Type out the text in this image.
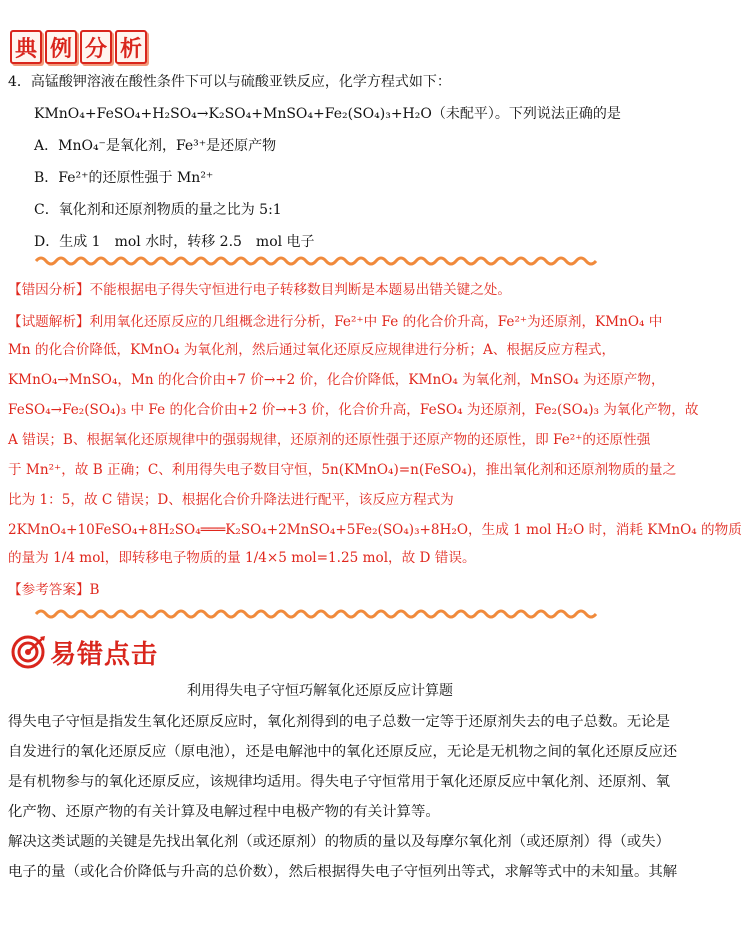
典 例 分 析
4．高锰酸钾溶液在酸性条件下可以与硫酸亚铁反应，化学方程式如下：
KMnO₄+FeSO₄+H₂SO₄→K₂SO₄+MnSO₄+Fe₂(SO₄)₃+H₂O（未配平）。下列说法正确的是
A．MnO₄⁻是氧化剂，Fe³⁺是还原产物
B．Fe²⁺的还原性强于 Mn²⁺
C．氧化剂和还原剂物质的量之比为 5:1
D．生成 1　mol 水时，转移 2.5　mol 电子
【错因分析】不能根据电子得失守恒进行电子转移数目判断是本题易出错关键之处。
【试题解析】利用氧化还原反应的几组概念进行分析，Fe²⁺中 Fe 的化合价升高，Fe²⁺为还原剂，KMnO₄ 中
Mn 的化合价降低，KMnO₄ 为氧化剂，然后通过氧化还原反应规律进行分析；A、根据反应方程式，
KMnO₄→MnSO₄，Mn 的化合价由+7 价→+2 价，化合价降低，KMnO₄ 为氧化剂，MnSO₄ 为还原产物，
FeSO₄→Fe₂(SO₄)₃ 中 Fe 的化合价由+2 价→+3 价，化合价升高，FeSO₄ 为还原剂，Fe₂(SO₄)₃ 为氧化产物，故
A 错误；B、根据氧化还原规律中的强弱规律，还原剂的还原性强于还原产物的还原性，即 Fe²⁺的还原性强
于 Mn²⁺，故 B 正确；C、利用得失电子数目守恒，5n(KMnO₄)=n(FeSO₄)，推出氧化剂和还原剂物质的量之
比为 1：5，故 C 错误；D、根据化合价升降法进行配平，该反应方程式为
2KMnO₄+10FeSO₄+8H₂SO₄═══K₂SO₄+2MnSO₄+5Fe₂(SO₄)₃+8H₂O，生成 1 mol H₂O 时，消耗 KMnO₄ 的物质
的量为 1/4 mol，即转移电子物质的量 1/4×5 mol=1.25 mol，故 D 错误。
【参考答案】B
易错点击
利用得失电子守恒巧解氧化还原反应计算题
得失电子守恒是指发生氧化还原反应时，氧化剂得到的电子总数一定等于还原剂失去的电子总数。无论是
自发进行的氧化还原反应（原电池），还是电解池中的氧化还原反应，无论是无机物之间的氧化还原反应还
是有机物参与的氧化还原反应，该规律均适用。得失电子守恒常用于氧化还原反应中氧化剂、还原剂、氧
化产物、还原产物的有关计算及电解过程中电极产物的有关计算等。
解决这类试题的关键是先找出氧化剂（或还原剂）的物质的量以及每摩尔氧化剂（或还原剂）得（或失）
电子的量（或化合价降低与升高的总价数），然后根据得失电子守恒列出等式，求解等式中的未知量。其解
